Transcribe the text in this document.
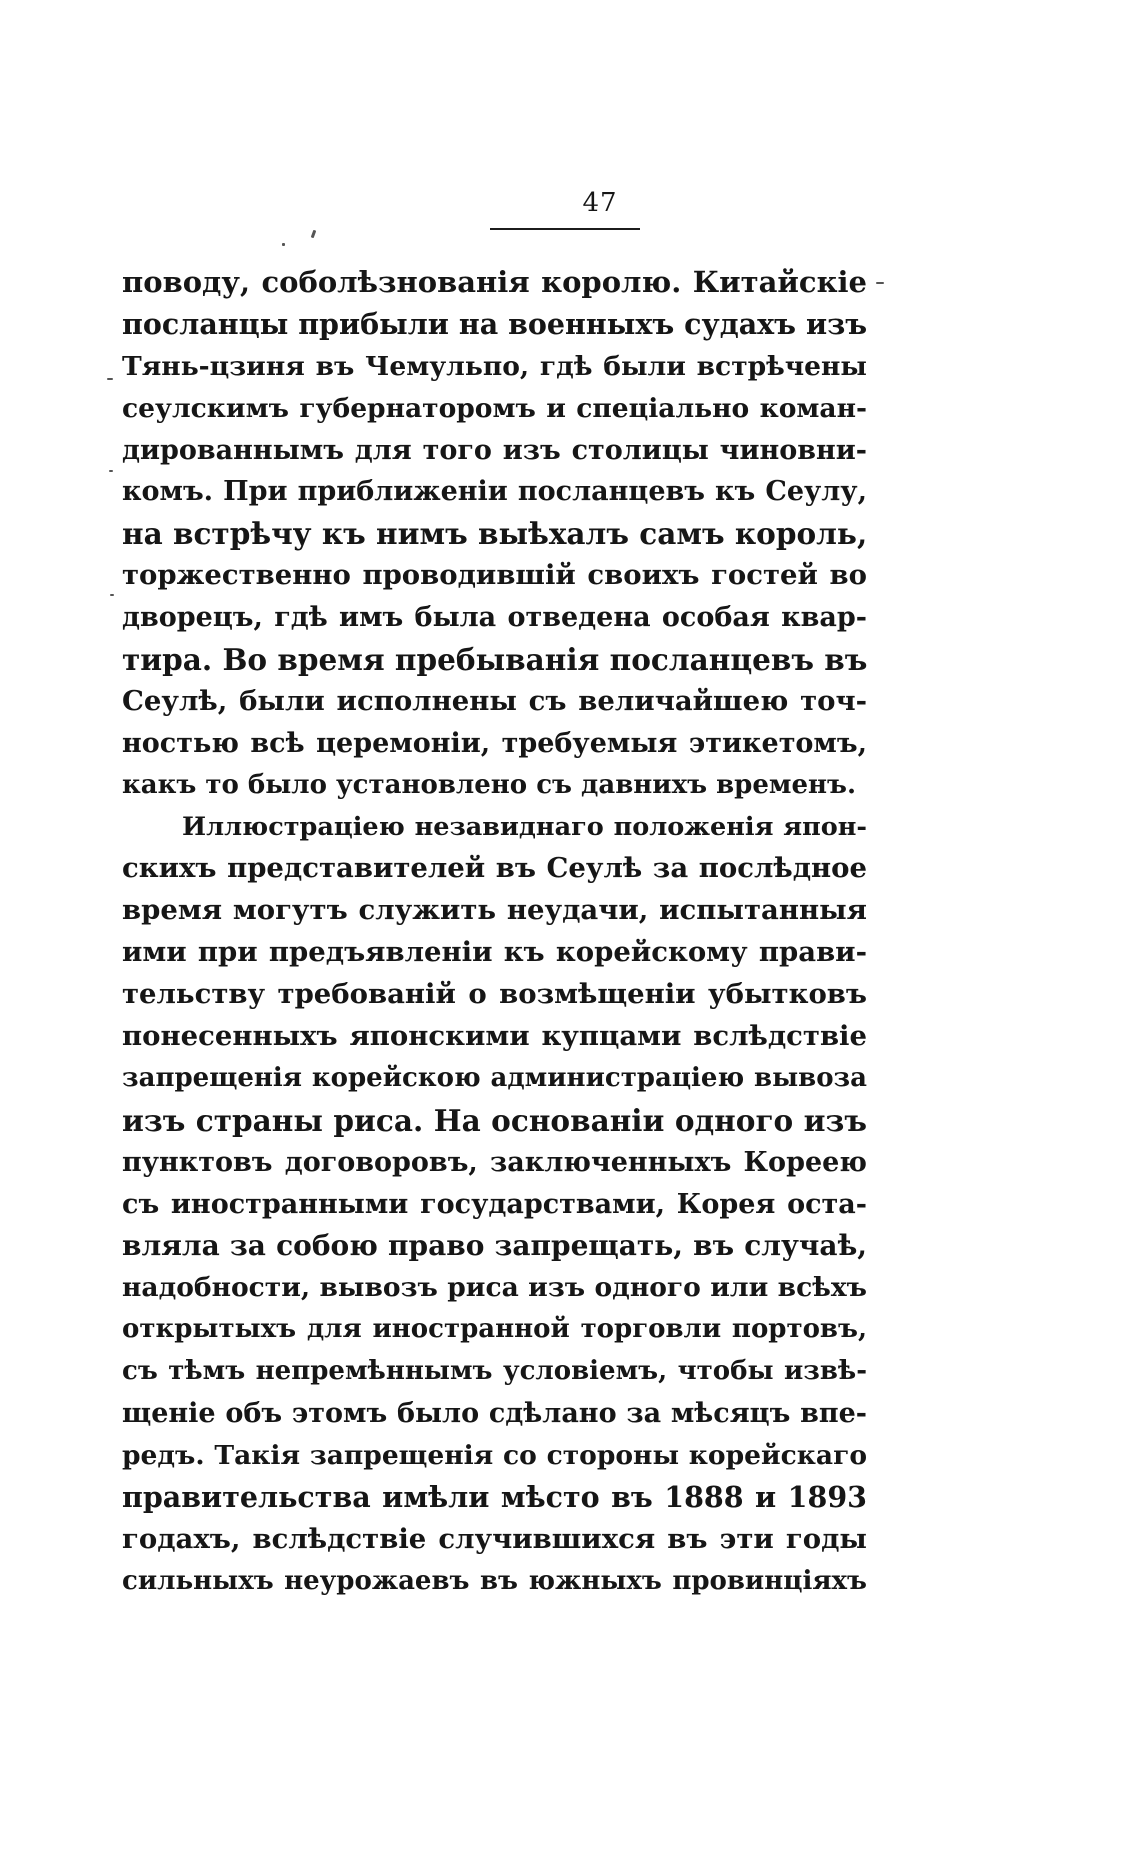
47
поводу, соболѣзнованія королю. Китайскіе
посланцы прибыли на военныхъ судахъ изъ
Тянь-цзиня въ Чемульпо, гдѣ были встрѣчены
сеулскимъ губернаторомъ и спеціально коман-
дированнымъ для того изъ столицы чиновни-
комъ. При приближеніи посланцевъ къ Сеулу,
на встрѣчу къ нимъ выѣхалъ самъ король,
торжественно проводившій своихъ гостей во
дворецъ, гдѣ имъ была отведена особая квар-
тира. Во время пребыванія посланцевъ въ
Сеулѣ, были исполнены съ величайшею точ-
ностью всѣ церемоніи, требуемыя этикетомъ,
какъ то было установлено съ давнихъ временъ.
Иллюстраціею незавиднаго положенія япон-
скихъ представителей въ Сеулѣ за послѣдное
время могутъ служить неудачи, испытанныя
ими при предъявленіи къ корейскому прави-
тельству требованій о возмѣщеніи убытковъ
понесенныхъ японскими купцами вслѣдствіе
запрещенія корейскою администраціею вывоза
изъ страны риса. На основаніи одного изъ
пунктовъ договоровъ, заключенныхъ Кореею
съ иностранными государствами, Корея оста-
вляла за собою право запрещать, въ случаѣ,
надобности, вывозъ риса изъ одного или всѣхъ
открытыхъ для иностранной торговли портовъ,
съ тѣмъ непремѣннымъ условіемъ, чтобы извѣ-
щеніе объ этомъ было сдѣлано за мѣсяцъ впе-
редъ. Такія запрещенія со стороны корейскаго
правительства имѣли мѣсто въ 1888 и 1893
годахъ, вслѣдствіе случившихся въ эти годы
сильныхъ неурожаевъ въ южныхъ провинціяхъ
